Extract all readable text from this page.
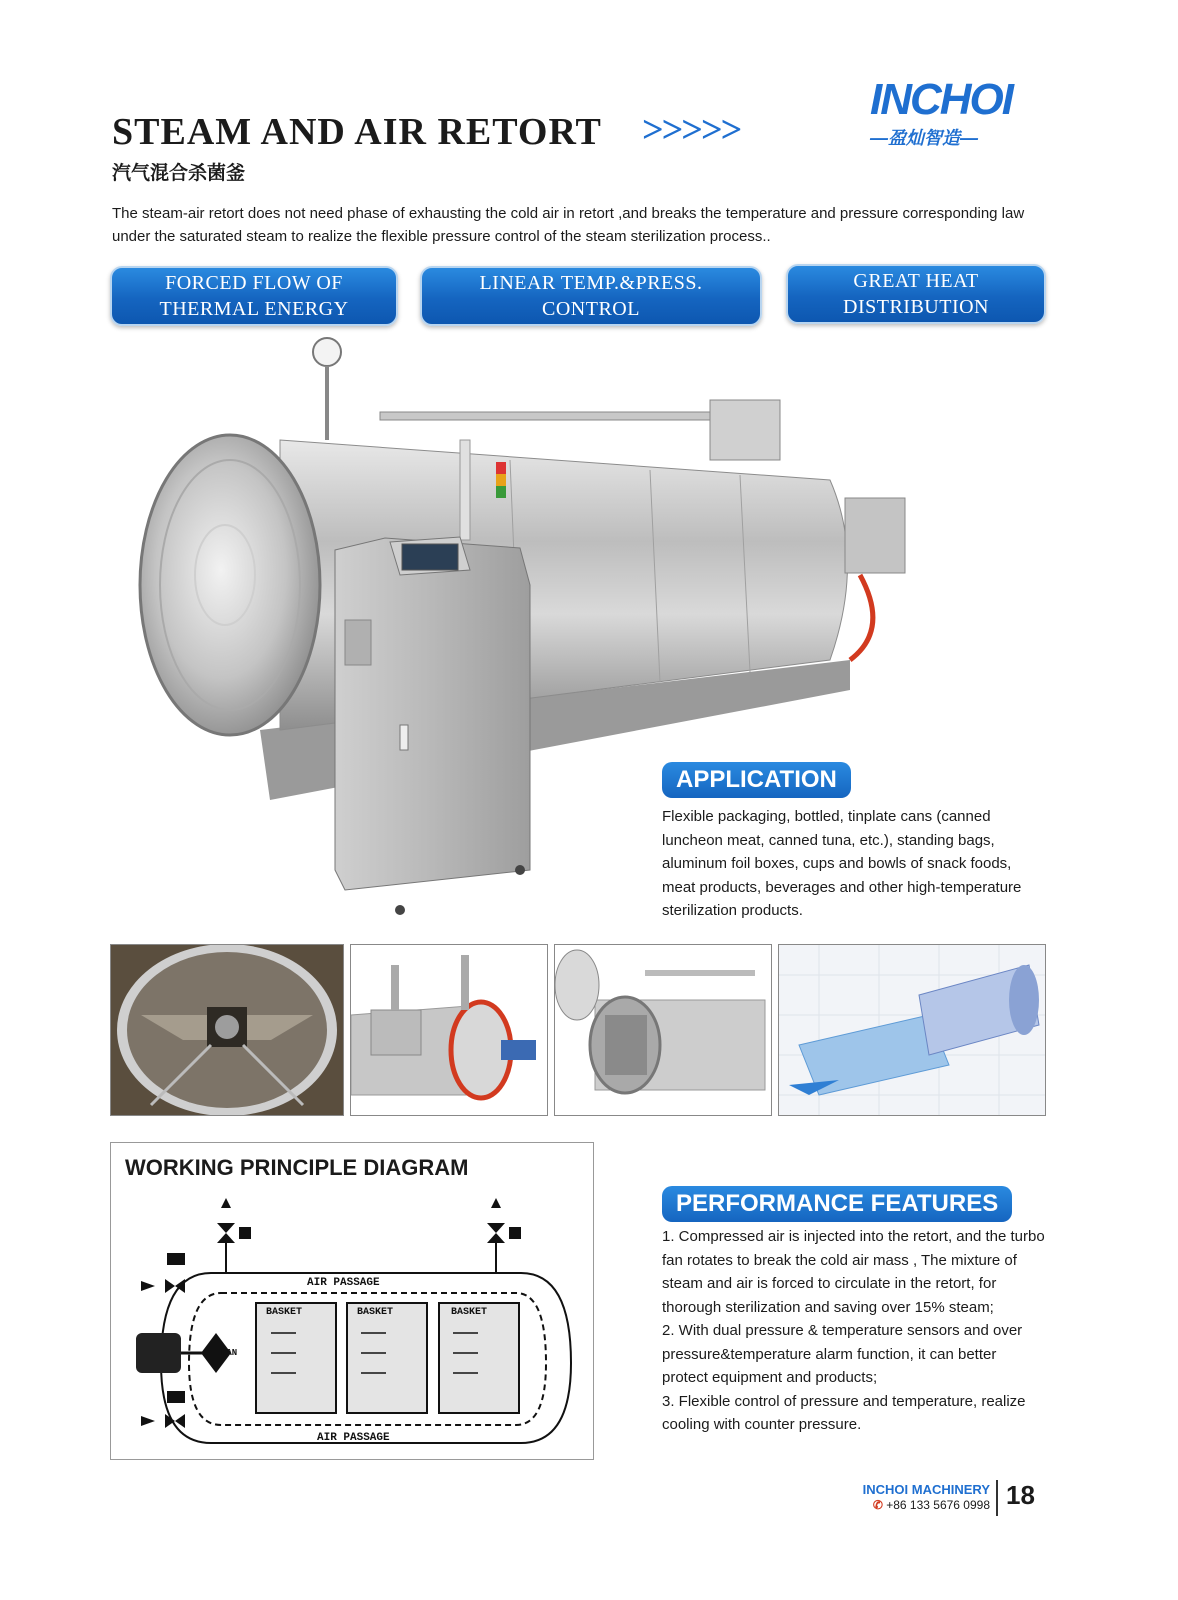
STEAM AND AIR RETORT >>>>>
汽气混合杀菌釜
INCHOI
—盈灿智造—
The steam-air retort does not need phase of exhausting the cold air in retort ,and breaks the temperature and pressure corresponding law under the saturated steam to realize the flexible pressure control of the steam sterilization process..
FORCED FLOW OF
THERMAL ENERGY
LINEAR TEMP.&PRESS.
CONTROL
GREAT HEAT
DISTRIBUTION
APPLICATION
Flexible packaging, bottled, tinplate cans (canned luncheon meat, canned tuna, etc.), standing bags, aluminum foil boxes, cups and bowls of snack foods, meat products, beverages and other high-temperature sterilization products.
WORKING PRINCIPLE DIAGRAM
FAN
AIR PASSAGE
AIR PASSAGE
BASKET	BASKET	BASKET
PERFORMANCE FEATURES
1. Compressed air is injected into the retort, and the turbo fan rotates to break the cold air mass , The mixture of steam and air is forced to circulate in the retort, for thorough sterilization and saving over 15% steam;
2. With dual pressure & temperature sensors and over pressure&temperature alarm function, it can better protect equipment and products;
3. Flexible control of pressure and temperature, realize cooling with counter pressure.
INCHOI MACHINERY
✆ +86 133 5676 0998 18
